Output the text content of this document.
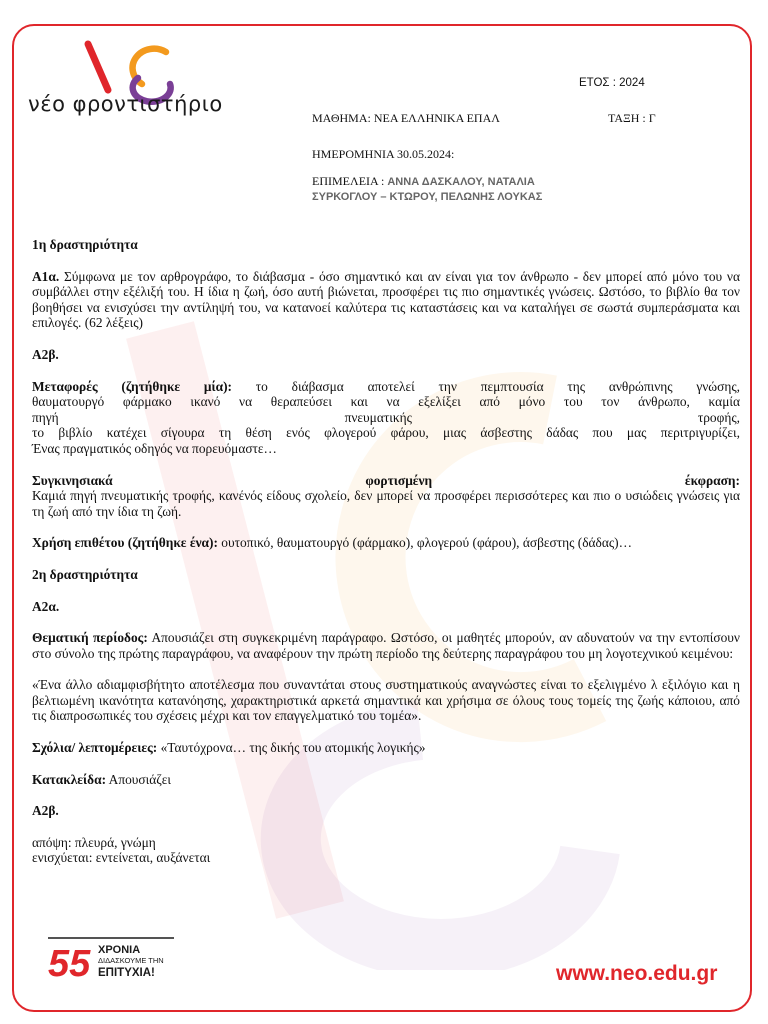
νέο φροντιστήριο
ΕΤΟΣ : 2024
ΜΑΘΗΜΑ: ΝΕΑ ΕΛΛΗΝΙΚΑ ΕΠΑΛ	ΤΑΞΗ : Γ
ΗΜΕΡΟΜΗΝΙΑ 30.05.2024:
ΕΠΙΜΕΛΕΙΑ : ΑΝΝΑ ΔΑΣΚΑΛΟΥ, ΝΑΤΑΛΙΑ ΣΥΡΚΟΓΛΟΥ – ΚΤΩΡΟΥ, ΠΕΛΩΝΗΣ ΛΟΥΚΑΣ

1η δραστηριότητα

Α1α. Σύμφωνα με τον αρθρογράφο, το διάβασμα - όσο σημαντικό και αν είναι για τον άνθρωπο - δεν μπορεί από μόνο του να συμβάλλει στην εξέλιξή του. Η ίδια η ζωή, όσο αυτή βιώνεται, προσφέρει τις πιο σημαντικές γνώσεις. Ωστόσο, το βιβλίο θα τον βοηθήσει να ενισχύσει την αντίληψή του, να κατανοεί καλύτερα τις καταστάσεις και να καταλήγει σε σωστά συμπεράσματα και επιλογές. (62 λέξεις)

Α2β.

Μεταφορές (ζητήθηκε μία): το διάβασμα αποτελεί την πεμπτουσία της ανθρώπινης γνώσης,

θαυματουργό φάρμακο ικανό να θεραπεύσει και να εξελίξει από μόνο του τον άνθρωπο, καμία

πηγή πνευματικής τροφής,

το βιβλίο κατέχει σίγουρα τη θέση ενός φλογερού φάρου, μιας άσβεστης δάδας που μας περιτριγυρίζει,

Ένας πραγματικός οδηγός να πορευόμαστε…

Συγκινησιακά φορτισμένη έκφραση:

Καμιά πηγή πνευματικής τροφής, κανένός είδους σχολείο, δεν μπορεί να προσφέρει περισσότερες και πιο ο υσιώδεις γνώσεις για τη ζωή από την ίδια τη ζωή.

Χρήση επιθέτου (ζητήθηκε ένα): ουτοπικό, θαυματουργό (φάρμακο), φλογερού (φάρου), άσβεστης (δάδας)…

2η δραστηριότητα

Α2α.

Θεματική περίοδος: Απουσιάζει στη συγκεκριμένη παράγραφο. Ωστόσο, οι μαθητές μπορούν, αν αδυνατούν να την εντοπίσουν στο σύνολο της πρώτης παραγράφου, να αναφέρουν την πρώτη περίοδο της δεύτερης παραγράφου του μη λογοτεχνικού κειμένου:

«Ένα άλλο αδιαμφισβήτητο αποτέλεσμα που συναντάται στους συστηματικούς αναγνώστες είναι το εξελιγμένο λ εξιλόγιο και η βελτιωμένη ικανότητα κατανόησης, χαρακτηριστικά αρκετά σημαντικά και χρήσιμα σε όλους τους τομείς της ζωής κάποιου, από τις διαπροσωπικές του σχέσεις μέχρι και τον επαγγελματικό του τομέα».

Σχόλια/ λεπτομέρειες: «Ταυτόχρονα… της δικής του ατομικής λογικής»

Κατακλείδα: Απουσιάζει

Α2β.

απόψη: πλευρά, γνώμη

ενισχύεται: εντείνεται, αυξάνεται

55 ΧΡΟΝΙΑ
ΔΙΔΑΣΚΟΥΜΕ ΤΗΝ
ΕΠΙΤΥΧΙΑ!	www.neo.edu.gr
